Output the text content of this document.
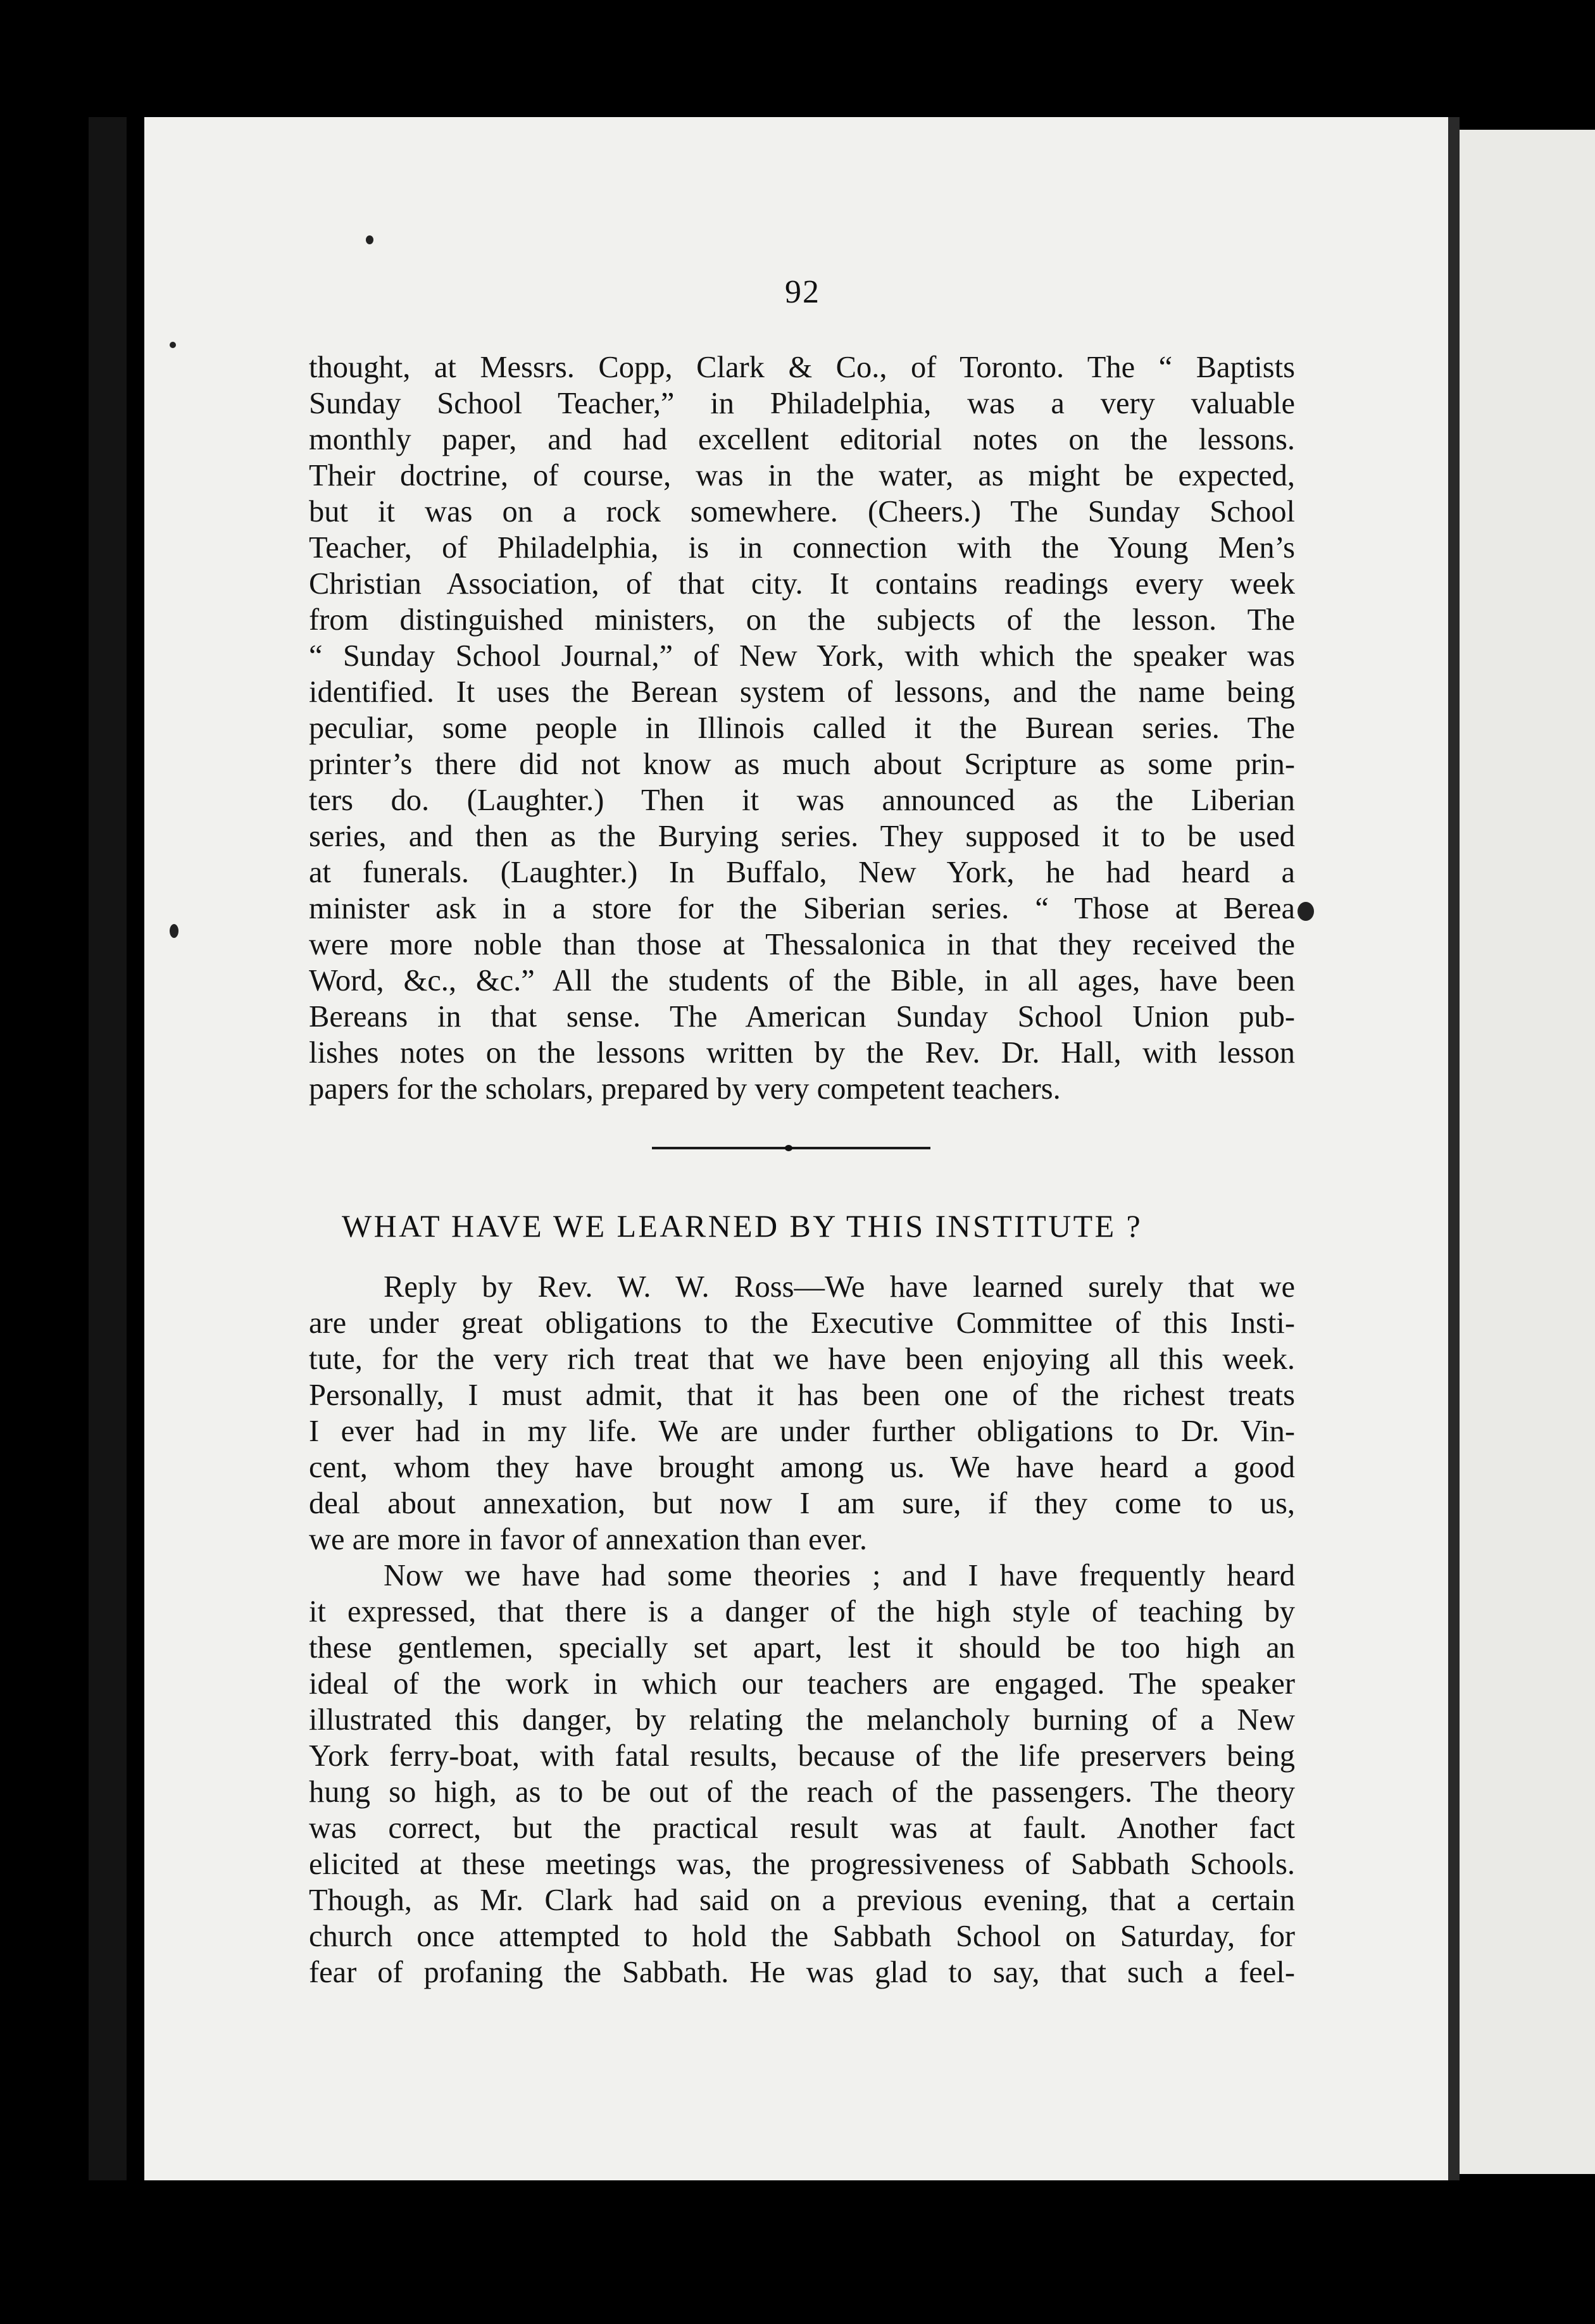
92
thought, at Messrs. Copp, Clark & Co., of Toronto. The “ Baptists
Sunday School Teacher,” in Philadelphia, was a very valuable
monthly paper, and had excellent editorial notes on the lessons.
Their doctrine, of course, was in the water, as might be expected,
but it was on a rock somewhere. (Cheers.) The Sunday School
Teacher, of Philadelphia, is in connection with the Young Men’s
Christian Association, of that city. It contains readings every week
from distinguished ministers, on the subjects of the lesson. The
“ Sunday School Journal,” of New York, with which the speaker was
identified. It uses the Berean system of lessons, and the name being
peculiar, some people in Illinois called it the Burean series. The
printer’s there did not know as much about Scripture as some prin-
ters do. (Laughter.) Then it was announced as the Liberian
series, and then as the Burying series. They supposed it to be used
at funerals. (Laughter.) In Buffalo, New York, he had heard a
minister ask in a store for the Siberian series. “ Those at Berea
were more noble than those at Thessalonica in that they received the
Word, &c., &c.” All the students of the Bible, in all ages, have been
Bereans in that sense. The American Sunday School Union pub-
lishes notes on the lessons written by the Rev. Dr. Hall, with lesson
papers for the scholars, prepared by very competent teachers.
WHAT HAVE WE LEARNED BY THIS INSTITUTE ?
Reply by Rev. W. W. Ross—We have learned surely that we
are under great obligations to the Executive Committee of this Insti-
tute, for the very rich treat that we have been enjoying all this week.
Personally, I must admit, that it has been one of the richest treats
I ever had in my life. We are under further obligations to Dr. Vin-
cent, whom they have brought among us. We have heard a good
deal about annexation, but now I am sure, if they come to us,
we are more in favor of annexation than ever.
Now we have had some theories ; and I have frequently heard
it expressed, that there is a danger of the high style of teaching by
these gentlemen, specially set apart, lest it should be too high an
ideal of the work in which our teachers are engaged. The speaker
illustrated this danger, by relating the melancholy burning of a New
York ferry-boat, with fatal results, because of the life preservers being
hung so high, as to be out of the reach of the passengers. The theory
was correct, but the practical result was at fault. Another fact
elicited at these meetings was, the progressiveness of Sabbath Schools.
Though, as Mr. Clark had said on a previous evening, that a certain
church once attempted to hold the Sabbath School on Saturday, for
fear of profaning the Sabbath. He was glad to say, that such a feel-
